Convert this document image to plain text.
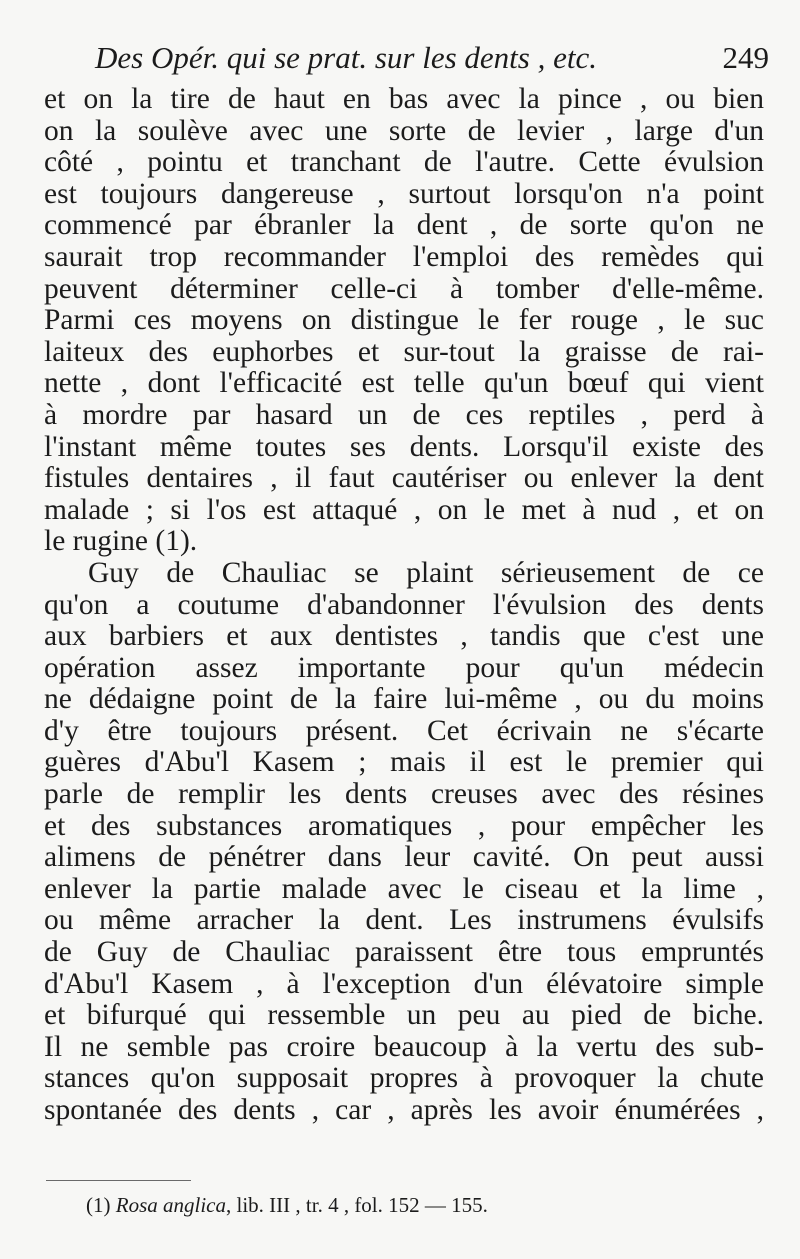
Des Opér. qui se prat. sur les dents , etc.	249
et on la tire de haut en bas avec la pince , ou bien
on la soulève avec une sorte de levier , large d'un
côté , pointu et tranchant de l'autre. Cette évulsion
est toujours dangereuse , surtout lorsqu'on n'a point
commencé par ébranler la dent , de sorte qu'on ne
saurait trop recommander l'emploi des remèdes qui
peuvent déterminer celle-ci à tomber d'elle-même.
Parmi ces moyens on distingue le fer rouge , le suc
laiteux des euphorbes et sur-tout la graisse de rai-
nette , dont l'efficacité est telle qu'un bœuf qui vient
à mordre par hasard un de ces reptiles , perd à
l'instant même toutes ses dents. Lorsqu'il existe des
fistules dentaires , il faut cautériser ou enlever la dent
malade ; si l'os est attaqué , on le met à nud , et on
le rugine (1).
Guy de Chauliac se plaint sérieusement de ce
qu'on a coutume d'abandonner l'évulsion des dents
aux barbiers et aux dentistes , tandis que c'est une
opération assez importante pour qu'un médecin
ne dédaigne point de la faire lui-même , ou du moins
d'y être toujours présent. Cet écrivain ne s'écarte
guères d'Abu'l Kasem ; mais il est le premier qui
parle de remplir les dents creuses avec des résines
et des substances aromatiques , pour empêcher les
alimens de pénétrer dans leur cavité. On peut aussi
enlever la partie malade avec le ciseau et la lime ,
ou même arracher la dent. Les instrumens évulsifs
de Guy de Chauliac paraissent être tous empruntés
d'Abu'l Kasem , à l'exception d'un élévatoire simple
et bifurqué qui ressemble un peu au pied de biche.
Il ne semble pas croire beaucoup à la vertu des sub-
stances qu'on supposait propres à provoquer la chute
spontanée des dents , car , après les avoir énumérées ,
(1) Rosa anglica, lib. III , tr. 4 , fol. 152 — 155.
